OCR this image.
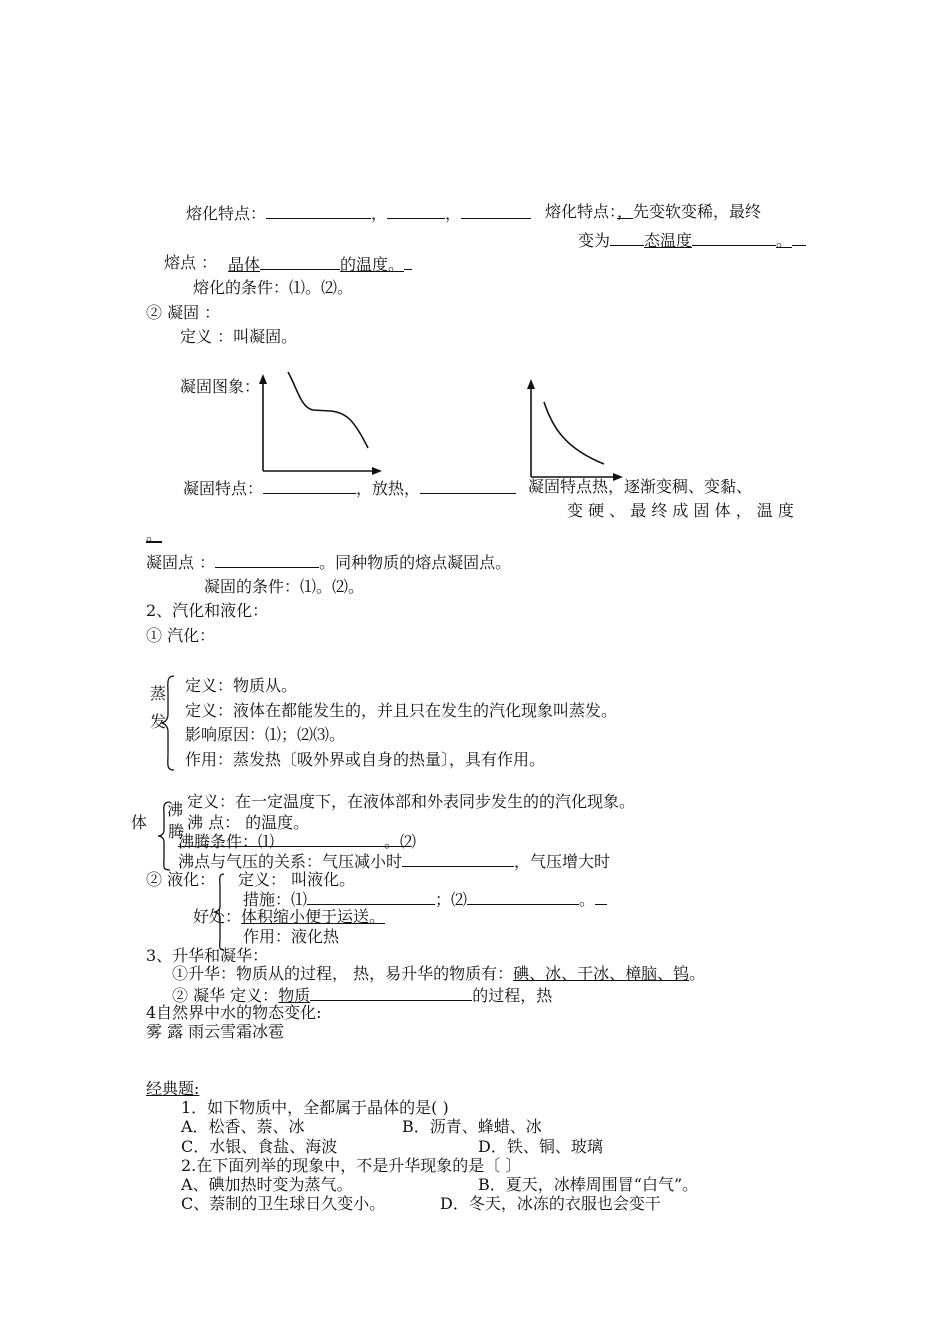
熔化特点：	，	，	熔化特点：，先变软变稀，最终
变为 态温度	。
熔点 ： 晶体	的温度。
熔化的条件：⑴。⑵。
② 凝固 ：
定义 ：叫凝固。
凝固图象：
凝固特点：	，放热，	凝固特点热，逐渐变稠、变黏、
变 硬 、 最 终 成 固 体 ， 温 度
。
凝固点 ：	。同种物质的熔点凝固点。
凝固的条件：⑴。⑵。
2、汽化和液化：
① 汽化：
蒸
发
定义：物质从。
定义：液体在都能发生的，并且只在发生的汽化现象叫蒸发。
影响原因：⑴；⑵⑶。
作用：蒸发热〔吸外界或自身的热量〕，具有作用。
定义：在一定温度下，在液体部和外表同步发生的的汽化现象。
体
沸
腾 沸 点： 的温度。
沸腾条件：⑴	。⑵
沸点与气压的关系：气压减小时	，气压增大时
② 液化： 定义： 叫液化。
措施：⑴	；⑵	。
好处：体积缩小便于运送。
作用：液化热
3、升华和凝华：
①升华：物质从的过程， 热，易升华的物质有：碘、冰、干冰、樟脑、钨。
② 凝华 定义：物质	的过程，热
4自然界中水的物态变化:
雾 露 雨云雪霜冰雹
经典题:
1．如下物质中，全都属于晶体的是( )
A．松香、萘、冰	B．沥青、蜂蜡、冰
C．水银、食盐、海波	D．铁、铜、玻璃
2.在下面列举的现象中，不是升华现象的是〔 〕
A、碘加热时变为蒸气。	B．夏天，冰棒周围冒“白气”。
C、萘制的卫生球日久变小。	D．冬天，冰冻的衣服也会变干
